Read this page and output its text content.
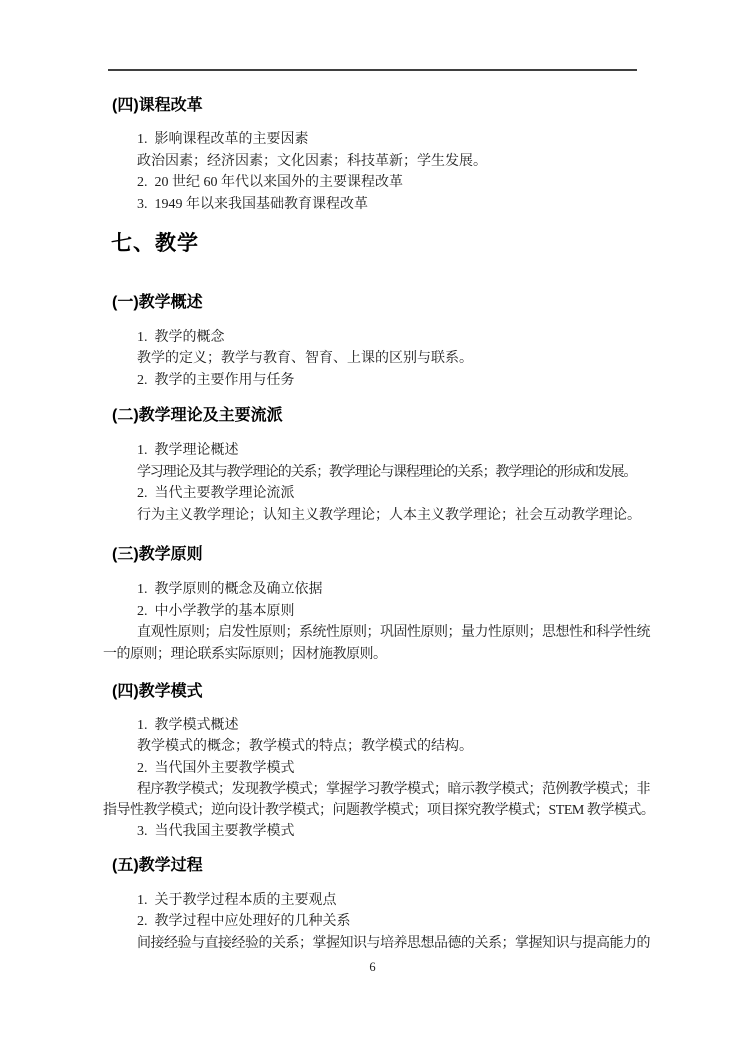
(四)课程改革
1.  影响课程改革的主要因素
政治因素；经济因素；文化因素；科技革新；学生发展。
2.  20 世纪 60 年代以来国外的主要课程改革
3.  1949 年以来我国基础教育课程改革
七、教学
(一)教学概述
1.  教学的概念
教学的定义；教学与教育、智育、上课的区别与联系。
2.  教学的主要作用与任务
(二)教学理论及主要流派
1.  教学理论概述
学习理论及其与教学理论的关系；教学理论与课程理论的关系；教学理论的形成和发展。
2.  当代主要教学理论流派
行为主义教学理论；认知主义教学理论；人本主义教学理论；社会互动教学理论。
(三)教学原则
1.  教学原则的概念及确立依据
2.  中小学教学的基本原则
直观性原则；启发性原则；系统性原则；巩固性原则；量力性原则；思想性和科学性统
一的原则；理论联系实际原则；因材施教原则。
(四)教学模式
1.  教学模式概述
教学模式的概念；教学模式的特点；教学模式的结构。
2.  当代国外主要教学模式
程序教学模式；发现教学模式；掌握学习教学模式；暗示教学模式；范例教学模式；非
指导性教学模式；逆向设计教学模式；问题教学模式；项目探究教学模式；STEM 教学模式。
3.  当代我国主要教学模式
(五)教学过程
1.  关于教学过程本质的主要观点
2.  教学过程中应处理好的几种关系
间接经验与直接经验的关系；掌握知识与培养思想品德的关系；掌握知识与提高能力的
6
